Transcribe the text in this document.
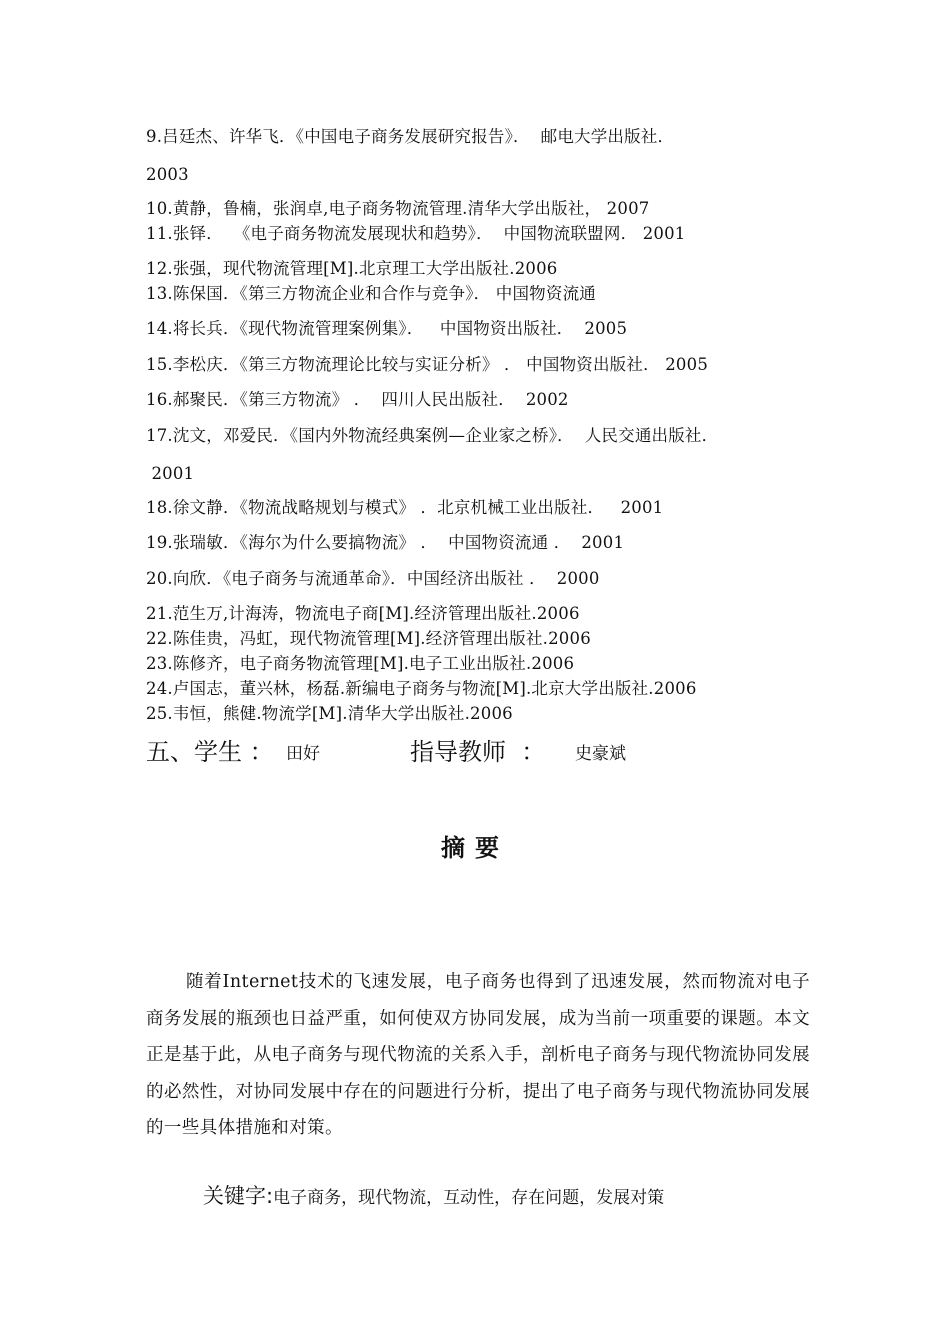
9.吕廷杰、许华飞．《中国电子商务发展研究报告》．  邮电大学出版社．
2003
10.黄静，鲁楠，张润卓,电子商务物流管理.清华大学出版社， 2007
11.张铎．  《电子商务物流发展现状和趋势》．  中国物流联盟网． 2001
12.张强，现代物流管理[M].北京理工大学出版社.2006
13.陈保国．《第三方物流企业和合作与竞争》． 中国物资流通
14.将长兵．《现代物流管理案例集》．   中国物资出版社．  2005
15.李松庆．《第三方物流理论比较与实证分析》 ． 中国物资出版社． 2005
16.郝聚民．《第三方物流》 ．  四川人民出版社．  2002
17.沈文，邓爱民．《国内外物流经典案例—企业家之桥》．  人民交通出版社．
2001
18.徐文静．《物流战略规划与模式》 ．北京机械工业出版社．   2001
19.张瑞敏．《海尔为什么要搞物流》 ．  中国物资流通 ．  2001
20.向欣．《电子商务与流通革命》．中国经济出版社 ．  2000
21.范生万,计海涛，物流电子商[M].经济管理出版社.2006
22.陈佳贵，冯虹，现代物流管理[M].经济管理出版社.2006
23.陈修齐，电子商务物流管理[M].电子工业出版社.2006
24.卢国志，董兴林，杨磊.新编电子商务与物流[M].北京大学出版社.2006
25.韦恒，熊健.物流学[M].清华大学出版社.2006
五、学生 ： 田好	指导教师  ： 史豪斌
摘要
随着Internet技术的飞速发展，电子商务也得到了迅速发展，然而物流对电子商务发展的瓶颈也日益严重，如何使双方协同发展，成为当前一项重要的课题。本文正是基于此，从电子商务与现代物流的关系入手，剖析电子商务与现代物流协同发展的必然性，对协同发展中存在的问题进行分析，提出了电子商务与现代物流协同发展的一些具体措施和对策。
关键字:电子商务，现代物流，互动性，存在问题，发展对策
